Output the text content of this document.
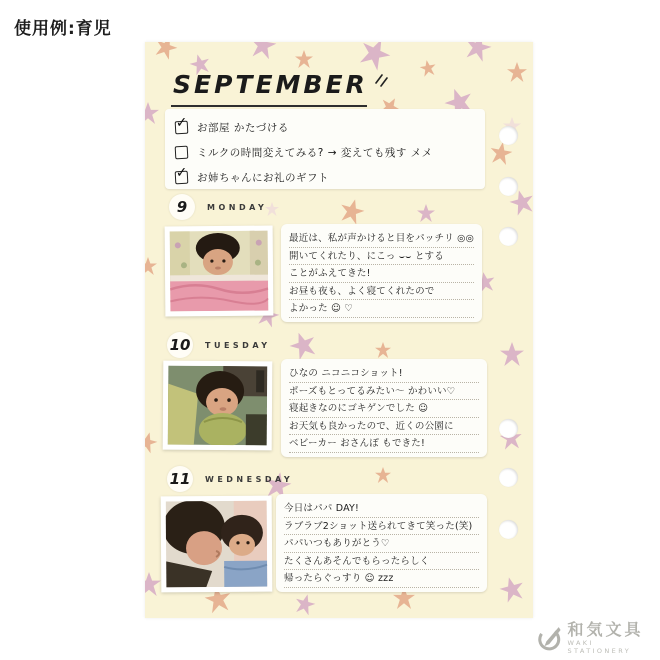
使用例:育児
SEPTEMBER
✓ お部屋 かたづける
ミルクの時間変えてみる? → 変えても残す メメ
✓ お姉ちゃんにお礼のギフト
9	MONDAY
最近は、私が声かけると目をパッチリ ◎◎
開いてくれたり、にこっ ⌣⌣ とする
ことがふえてきた!
お昼も夜も、よく寝てくれたので
よかった ☺ ♡
10	TUESDAY
ひなの ニコニコショット!
ポーズもとってるみたい〜 かわいい♡
寝起きなのにゴキゲンでした ☺
お天気も良かったので、近くの公園に
ベビーカー おさんぽ もできた!
11	WEDNESDAY
今日はパパ DAY!
ラブラブ2ショット送られてきて笑った(笑)
パパいつもありがとう♡
たくさんあそんでもらったらしく
帰ったらぐっすり ☺ zzz
和気文具
WAKI STATIONERY
